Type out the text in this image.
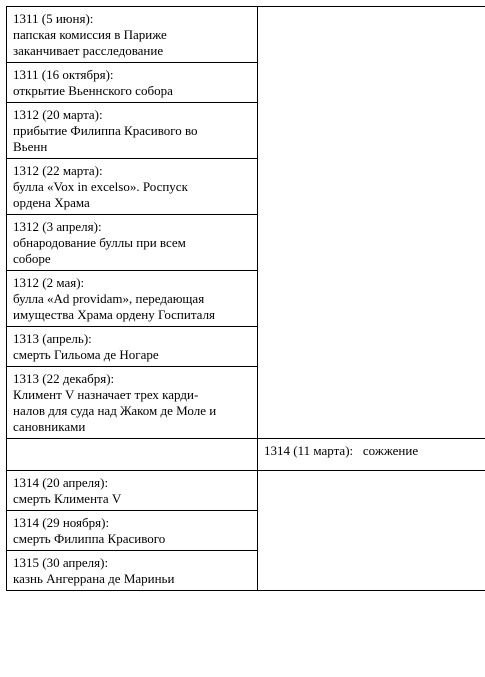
1311 (5 июня):
папская комиссия в Париже
заканчивает расследование	

1311 (16 октября):
открытие Вьеннского собора	

1312 (20 марта):
прибытие Филиппа Красивого во
Вьенн	

1312 (22 марта):
булла «Vox in excelso». Роспуск
ордена Храма	

1312 (3 апреля):
обнародование буллы при всем
соборе	

1312 (2 мая):
булла «Ad providam», передающая
имущества Храма ордену Госпиталя	

1313 (апрель):
смерть Гильома де Ногаре	

1313 (22 декабря):
Климент V назначает трех карди-
налов для суда над Жаком де Моле и
сановниками	

	1314 (11 марта): сожжение

1314 (20 апреля):
смерть Климента V	

1314 (29 ноября):
смерть Филиппа Красивого	

1315 (30 апреля):
казнь Ангеррана де Мариньи	
